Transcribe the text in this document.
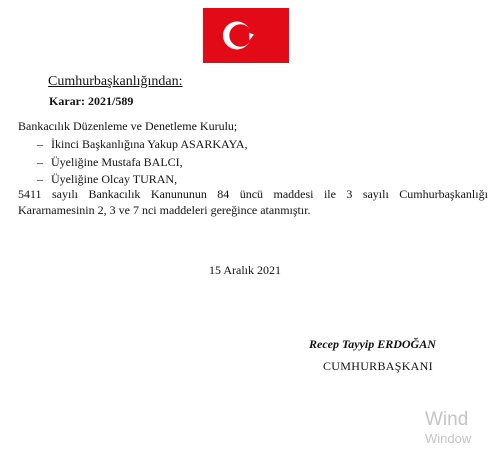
Cumhurbaşkanlığından:
Karar: 2021/589
Bankacılık Düzenleme ve Denetleme Kurulu;
– İkinci Başkanlığına Yakup ASARKAYA,
– Üyeliğine Mustafa BALCI,
– Üyeliğine Olcay TURAN,
5411 sayılı Bankacılık Kanununun 84 üncü maddesi ile 3 sayılı Cumhurbaşkanlığı
Kararnamesinin 2, 3 ve 7 nci maddeleri gereğince atanmıştır.
15 Aralık 2021
Recep Tayyip ERDOĞAN
CUMHURBAŞKANI
Wind
Window
